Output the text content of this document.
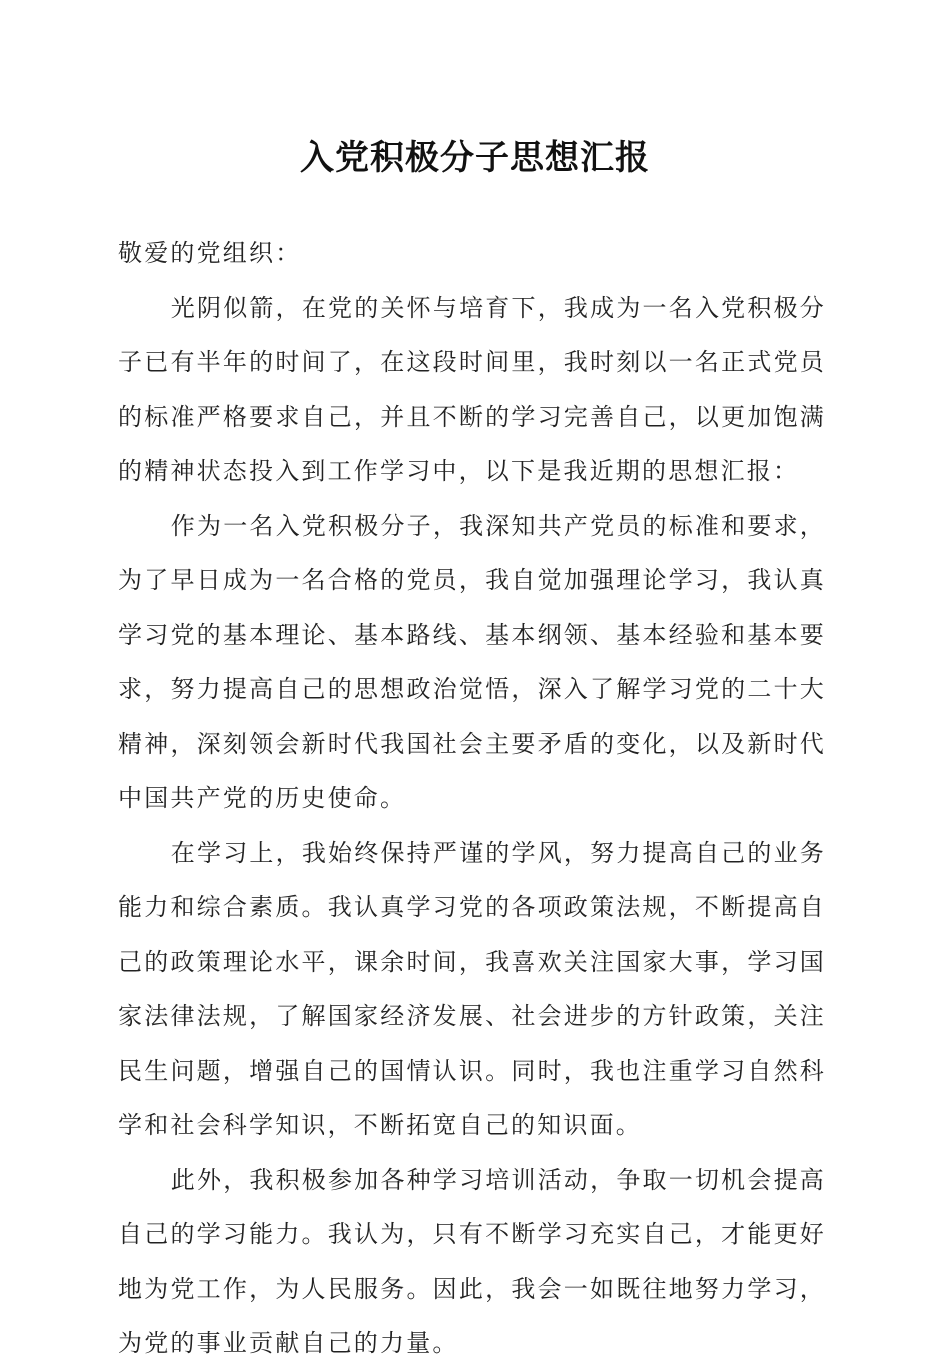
入党积极分子思想汇报

敬爱的党组织：

光阴似箭，在党的关怀与培育下，我成为一名入党积极分子已有半年的时间了，在这段时间里，我时刻以一名正式党员的标准严格要求自己，并且不断的学习完善自己，以更加饱满的精神状态投入到工作学习中，以下是我近期的思想汇报：

作为一名入党积极分子，我深知共产党员的标准和要求，为了早日成为一名合格的党员，我自觉加强理论学习，我认真学习党的基本理论、基本路线、基本纲领、基本经验和基本要求，努力提高自己的思想政治觉悟，深入了解学习党的二十大精神，深刻领会新时代我国社会主要矛盾的变化，以及新时代中国共产党的历史使命。

在学习上，我始终保持严谨的学风，努力提高自己的业务能力和综合素质。我认真学习党的各项政策法规，不断提高自己的政策理论水平，课余时间，我喜欢关注国家大事，学习国家法律法规，了解国家经济发展、社会进步的方针政策，关注民生问题，增强自己的国情认识。同时，我也注重学习自然科学和社会科学知识，不断拓宽自己的知识面。

此外，我积极参加各种学习培训活动，争取一切机会提高自己的学习能力。我认为，只有不断学习充实自己，才能更好地为党工作，为人民服务。因此，我会一如既往地努力学习，为党的事业贡献自己的力量。
